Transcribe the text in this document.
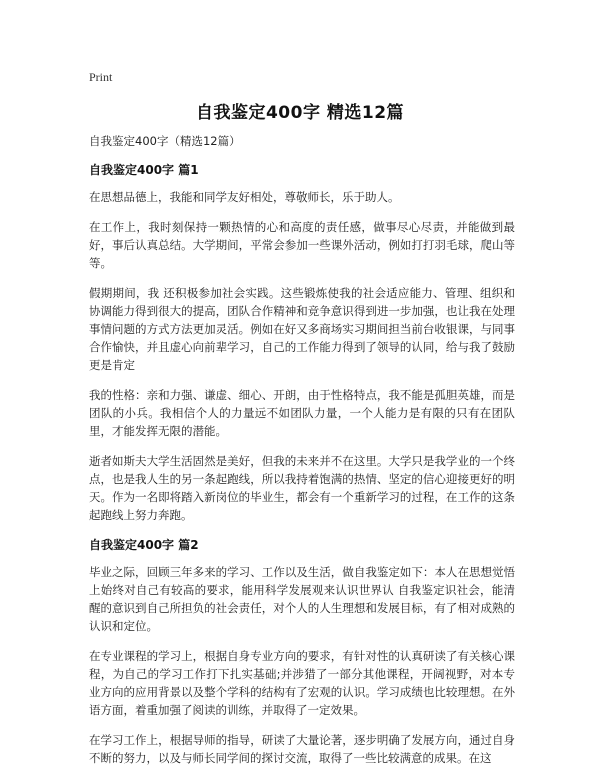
Print
自我鉴定400字 精选12篇
自我鉴定400字（精选12篇）
自我鉴定400字 篇1

在思想品德上，我能和同学友好相处，尊敬师长，乐于助人。

在工作上，我时刻保持一颗热情的心和高度的责任感，做事尽心尽责，并能做到最好，事后认真总结。大学期间，平常会参加一些课外活动，例如打打羽毛球，爬山等等。

假期期间，我 还积极参加社会实践。这些锻炼使我的社会适应能力、管理、组织和协调能力得到很大的提高，团队合作精神和竞争意识得到进一步加强，也让我在处理事情问题的方式方法更加灵活。例如在好又多商场实习期间担当前台收银课，与同事合作愉快，并且虚心向前辈学习，自己的工作能力得到了领导的认同，给与我了鼓励更是肯定

我的性格：亲和力强、谦虚、细心、开朗，由于性格特点，我不能是孤胆英雄，而是团队的小兵。我相信个人的力量远不如团队力量，一个人能力是有限的只有在团队里，才能发挥无限的潜能。

逝者如斯夫大学生活固然是美好，但我的未来并不在这里。大学只是我学业的一个终点，也是我人生的另一条起跑线，所以我持着饱满的热情、坚定的信心迎接更好的明天。作为一名即将踏入新岗位的毕业生，都会有一个重新学习的过程，在工作的这条起跑线上努力奔跑。

自我鉴定400字 篇2

毕业之际，回顾三年多来的学习、工作以及生活，做自我鉴定如下：本人在思想觉悟上始终对自己有较高的要求，能用科学发展观来认识世界认 自我鉴定识社会，能清醒的意识到自己所担负的社会责任，对个人的人生理想和发展目标，有了相对成熟的认识和定位。

在专业课程的学习上，根据自身专业方向的要求，有针对性的认真研读了有关核心课程，为自己的学习工作打下扎实基础;并涉猎了一部分其他课程，开阔视野，对本专业方向的应用背景以及整个学科的结构有了宏观的认识。学习成绩也比较理想。在外语方面，着重加强了阅读的训练，并取得了一定效果。

在学习工作上，根据导师的指导，研读了大量论著，逐步明确了发展方向，通过自身不断的努力，以及与师长同学间的探讨交流，取得了一些比较满意的成果。在这
